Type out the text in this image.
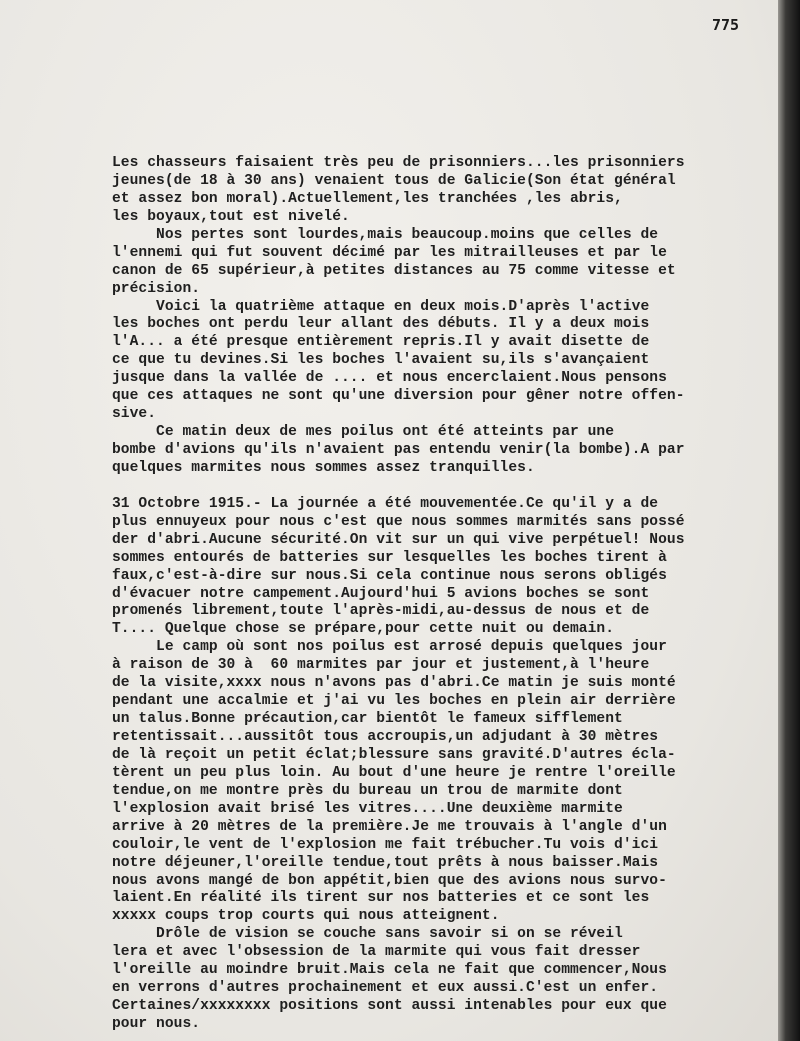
775

Les chasseurs faisaient très peu de prisonniers...les prisonniers
jeunes(de 18 à 30 ans) venaient tous de Galicie(Son état général
et assez bon moral).Actuellement,les tranchées ,les abris,
les boyaux,tout est nivelé.
Nos pertes sont lourdes,mais beaucoup.moins que celles de
l'ennemi qui fut souvent décimé par les mitrailleuses et par le
canon de 65 supérieur,à petites distances au 75 comme vitesse et
précision.
Voici la quatrième attaque en deux mois.D'après l'active
les boches ont perdu leur allant des débuts. Il y a deux mois
l'A... a été presque entièrement repris.Il y avait disette de
ce que tu devines.Si les boches l'avaient su,ils s'avançaient
jusque dans la vallée de .... et nous encerclaient.Nous pensons
que ces attaques ne sont qu'une diversion pour gêner notre offen-
sive.
Ce matin deux de mes poilus ont été atteints par une
bombe d'avions qu'ils n'avaient pas entendu venir(la bombe).A par
quelques marmites nous sommes assez tranquilles.
31 Octobre 1915.- La journée a été mouvementée.Ce qu'il y a de
plus ennuyeux pour nous c'est que nous sommes marmités sans possé
der d'abri.Aucune sécurité.On vit sur un qui vive perpétuel! Nous
sommes entourés de batteries sur lesquelles les boches tirent à
faux,c'est-à-dire sur nous.Si cela continue nous serons obligés
d'évacuer notre campement.Aujourd'hui 5 avions boches se sont
promenés librement,toute l'après-midi,au-dessus de nous et de
T.... Quelque chose se prépare,pour cette nuit ou demain.
Le camp où sont nos poilus est arrosé depuis quelques jour
à raison de 30 à  60 marmites par jour et justement,à l'heure
de la visite,xxxx nous n'avons pas d'abri.Ce matin je suis monté
pendant une accalmie et j'ai vu les boches en plein air derrière
un talus.Bonne précaution,car bientôt le fameux sifflement
retentissait...aussitôt tous accroupis,un adjudant à 30 mètres
de là reçoit un petit éclat;blessure sans gravité.D'autres écla-
tèrent un peu plus loin. Au bout d'une heure je rentre l'oreille
tendue,on me montre près du bureau un trou de marmite dont
l'explosion avait brisé les vitres....Une deuxième marmite
arrive à 20 mètres de la première.Je me trouvais à l'angle d'un
couloir,le vent de l'explosion me fait trébucher.Tu vois d'ici
notre déjeuner,l'oreille tendue,tout prêts à nous baisser.Mais
nous avons mangé de bon appétit,bien que des avions nous survo-
laient.En réalité ils tirent sur nos batteries et ce sont les
xxxxx coups trop courts qui nous atteignent.
Drôle de vision se couche sans savoir si on se réveil
lera et avec l'obsession de la marmite qui vous fait dresser
l'oreille au moindre bruit.Mais cela ne fait que commencer,Nous
en verrons d'autres prochainement et eux aussi.C'est un enfer.
Certaines/xxxxxxxx positions sont aussi intenables pour eux que
pour nous.
